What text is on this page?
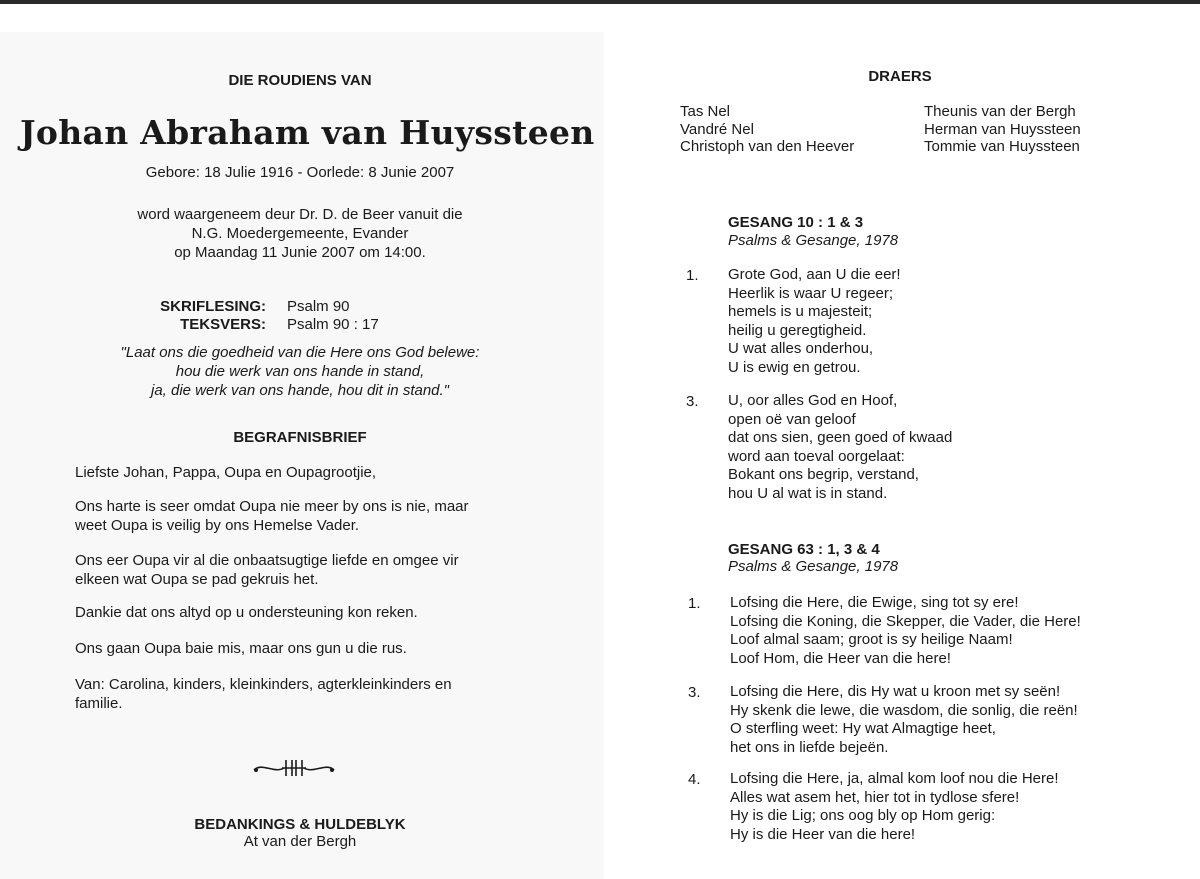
DIE ROUDIENS VAN
Johan Abraham van Huyssteen
Gebore: 18 Julie 1916 - Oorlede: 8 Junie 2007
word waargeneem deur Dr. D. de Beer vanuit die
N.G. Moedergemeente, Evander
op Maandag 11 Junie 2007 om 14:00.
SKRIFLESING: Psalm 90
TEKSVERS: Psalm 90 : 17
"Laat ons die goedheid van die Here ons God belewe:
hou die werk van ons hande in stand,
ja, die werk van ons hande, hou dit in stand."
BEGRAFNISBRIEF
Liefste Johan, Pappa, Oupa en Oupagrootjie,
Ons harte is seer omdat Oupa nie meer by ons is nie, maar
weet Oupa is veilig by ons Hemelse Vader.
Ons eer Oupa vir al die onbaatsugtige liefde en omgee vir
elkeen wat Oupa se pad gekruis het.
Dankie dat ons altyd op u ondersteuning kon reken.
Ons gaan Oupa baie mis, maar ons gun u die rus.
Van: Carolina, kinders, kleinkinders, agterkleinkinders en
familie.
BEDANKINGS & HULDEBLYK
At van der Bergh
DRAERS
Tas Nel
Vandré Nel
Christoph van den Heever
Theunis van der Bergh
Herman van Huyssteen
Tommie van Huyssteen
GESANG 10 : 1 & 3
Psalms & Gesange, 1978
1. Grote God, aan U die eer!
Heerlik is waar U regeer;
hemels is u majesteit;
heilig u geregtigheid.
U wat alles onderhou,
U is ewig en getrou.
3. U, oor alles God en Hoof,
open oë van geloof
dat ons sien, geen goed of kwaad
word aan toeval oorgelaat:
Bokant ons begrip, verstand,
hou U al wat is in stand.
GESANG 63 : 1, 3 & 4
Psalms & Gesange, 1978
1. Lofsing die Here, die Ewige, sing tot sy ere!
Lofsing die Koning, die Skepper, die Vader, die Here!
Loof almal saam; groot is sy heilige Naam!
Loof Hom, die Heer van die here!
3. Lofsing die Here, dis Hy wat u kroon met sy seën!
Hy skenk die lewe, die wasdom, die sonlig, die reën!
O sterfling weet: Hy wat Almagtige heet,
het ons in liefde bejeën.
4. Lofsing die Here, ja, almal kom loof nou die Here!
Alles wat asem het, hier tot in tydlose sfere!
Hy is die Lig; ons oog bly op Hom gerig:
Hy is die Heer van die here!
